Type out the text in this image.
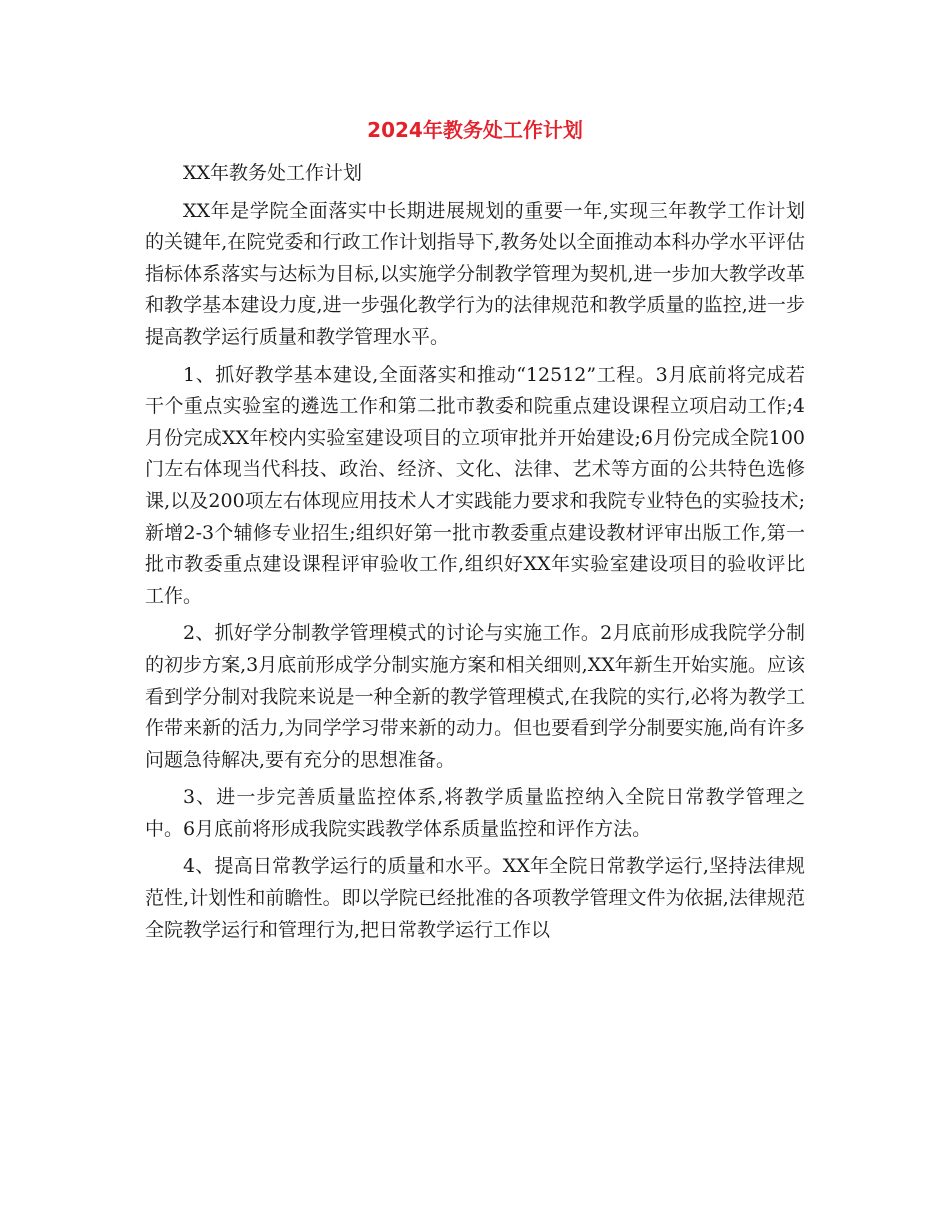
2024年教务处工作计划

XX年教务处工作计划

XX年是学院全面落实中长期进展规划的重要一年,实现三年教学工作计划的关键年,在院党委和行政工作计划指导下,教务处以全面推动本科办学水平评估指标体系落实与达标为目标,以实施学分制教学管理为契机,进一步加大教学改革和教学基本建设力度,进一步强化教学行为的法律规范和教学质量的监控,进一步提高教学运行质量和教学管理水平。

1、抓好教学基本建设,全面落实和推动“12512”工程。3月底前将完成若干个重点实验室的遴选工作和第二批市教委和院重点建设课程立项启动工作;4月份完成XX年校内实验室建设项目的立项审批并开始建设;6月份完成全院100门左右体现当代科技、政治、经济、文化、法律、艺术等方面的公共特色选修课,以及200项左右体现应用技术人才实践能力要求和我院专业特色的实验技术;新增2-3个辅修专业招生;组织好第一批市教委重点建设教材评审出版工作,第一批市教委重点建设课程评审验收工作,组织好XX年实验室建设项目的验收评比工作。

2、抓好学分制教学管理模式的讨论与实施工作。2月底前形成我院学分制的初步方案,3月底前形成学分制实施方案和相关细则,XX年新生开始实施。应该看到学分制对我院来说是一种全新的教学管理模式,在我院的实行,必将为教学工作带来新的活力,为同学学习带来新的动力。但也要看到学分制要实施,尚有许多问题急待解决,要有充分的思想准备。

3、进一步完善质量监控体系,将教学质量监控纳入全院日常教学管理之中。6月底前将形成我院实践教学体系质量监控和评作方法。

4、提高日常教学运行的质量和水平。XX年全院日常教学运行,坚持法律规范性,计划性和前瞻性。即以学院已经批准的各项教学管理文件为依据,法律规范全院教学运行和管理行为,把日常教学运行工作以
